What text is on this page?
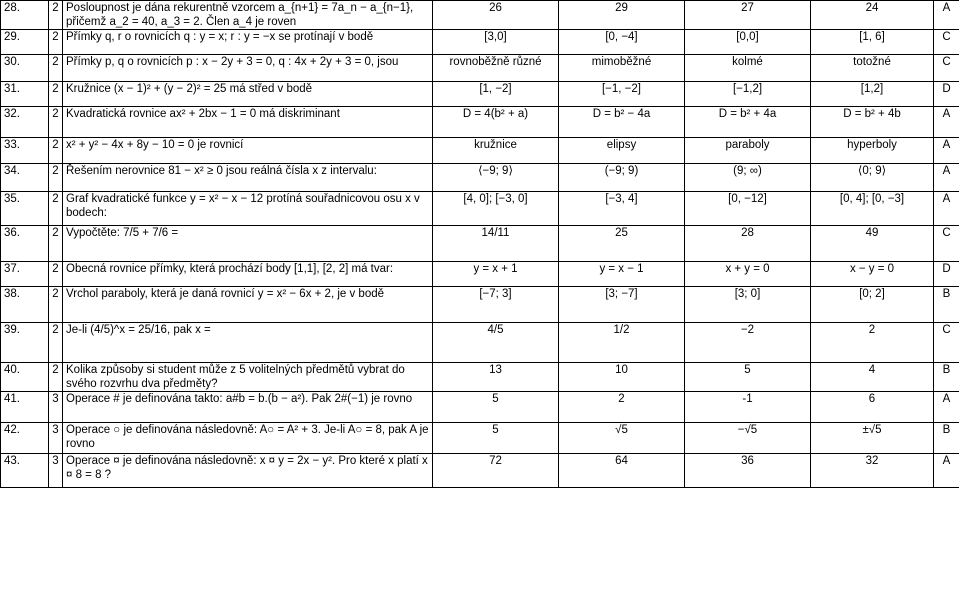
28.	2	Posloupnost je dána rekurentně vzorcem a_{n+1} = 7a_n − a_{n−1}, přičemž a_2 = 40, a_3 = 2. Člen a_4 je roven	26	29	27	24	A
29.	2	Přímky q, r o rovnicích q : y = x; r : y = −x se protínají v bodě	[3,0]	[0, −4]	[0,0]	[1, 6]	C
30.	2	Přímky p, q o rovnicích p : x − 2y + 3 = 0, q : 4x + 2y + 3 = 0, jsou	rovnoběžně různé	mimoběžné	kolmé	totožné	C
31.	2	Kružnice (x − 1)² + (y − 2)² = 25 má střed v bodě	[1, −2]	[−1, −2]	[−1,2]	[1,2]	D
32.	2	Kvadratická rovnice ax² + 2bx − 1 = 0 má diskriminant	D = 4(b² + a)	D = b² − 4a	D = b² + 4a	D = b² + 4b	A
33.	2	x² + y² − 4x + 8y − 10 = 0 je rovnicí	kružnice	elipsy	paraboly	hyperboly	A
34.	2	Řešením nerovnice 81 − x² ≥ 0 jsou reálná čísla x z intervalu:	⟨−9; 9⟩	(−9; 9)	(9; ∞)	⟨0; 9⟩	A
35.	2	Graf kvadratické funkce y = x² − x − 12 protíná souřadnicovou osu x v bodech:	[4, 0]; [−3, 0]	[−3, 4]	[0, −12]	[0, 4]; [0, −3]	A
36.	2	Vypočtěte: 7/5 + 7/6 =	14/11	25	28	49	C
37.	2	Obecná rovnice přímky, která prochází body [1,1], [2, 2] má tvar:	y = x + 1	y = x − 1	x + y = 0	x − y = 0	D
38.	2	Vrchol paraboly, která je daná rovnicí y = x² − 6x + 2, je v bodě	[−7; 3]	[3; −7]	[3; 0]	[0; 2]	B
39.	2	Je-li (4/5)^x = 25/16, pak x =	4/5	1/2	−2	2	C
40.	2	Kolika způsoby si student může z 5 volitelných předmětů vybrat do svého rozvrhu dva předměty?	13	10	5	4	B
41.	3	Operace # je definována takto: a#b = b.(b − a²). Pak 2#(−1) je rovno	5	2	-1	6	A
42.	3	Operace ○ je definována následovně: A○ = A² + 3. Je-li A○ = 8, pak A je rovno	5	√5	−√5	±√5	B
43.	3	Operace ¤ je definována následovně: x ¤ y = 2x − y². Pro které x platí x ¤ 8 = 8 ?	72	64	36	32	A
